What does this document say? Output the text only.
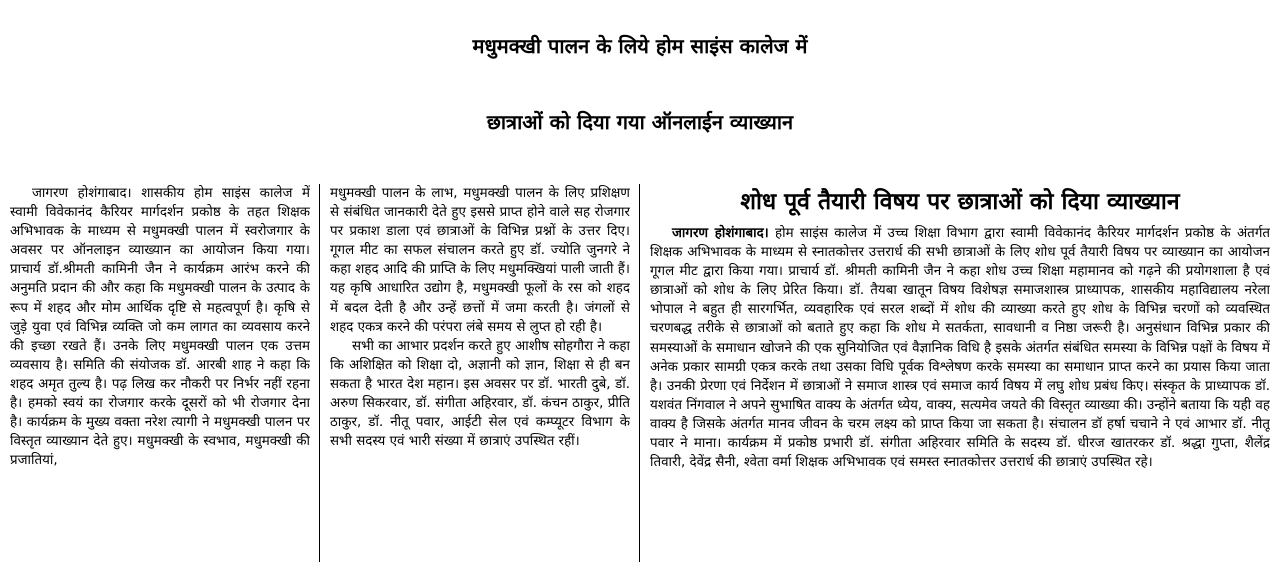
मधुमक्खी पालन के लिये होम साइंस कालेज में
छात्राओं को दिया गया ऑनलाईन व्याख्यान

जागरण होशंगाबाद। शासकीय होम साइंस कालेज में स्वामी विवेकानंद कैरियर मार्गदर्शन प्रकोष्ठ के तहत शिक्षक अभिभावक के माध्यम से मधुमक्खी पालन में स्वरोजगार के अवसर पर ऑनलाइन व्याख्यान का आयोजन किया गया। प्राचार्य डॉ.श्रीमती कामिनी जैन ने कार्यक्रम आरंभ करने की अनुमति प्रदान की और कहा कि मधुमक्खी पालन के उत्पाद के रूप में शहद और मोम आर्थिक दृष्टि से महत्वपूर्ण है। कृषि से जुड़े युवा एवं विभिन्न व्यक्ति जो कम लागत का व्यवसाय करने की इच्छा रखते हैं। उनके लिए मधुमक्खी पालन एक उत्तम व्यवसाय है। समिति की संयोजक डॉ. आरबी शाह ने कहा कि शहद अमृत तुल्य है। पढ़ लिख कर नौकरी पर निर्भर नहीं रहना है। हमको स्वयं का रोजगार करके दूसरों को भी रोजगार देना है। कार्यक्रम के मुख्य वक्ता नरेश त्यागी ने मधुमक्खी पालन पर विस्तृत व्याख्यान देते हुए। मधुमक्खी के स्वभाव, मधुमक्खी की प्रजातियां,

मधुमक्खी पालन के लाभ, मधुमक्खी पालन के लिए प्रशिक्षण से संबंधित जानकारी देते हुए इससे प्राप्त होने वाले सह रोजगार पर प्रकाश डाला एवं छात्राओं के विभिन्न प्रश्नों के उत्तर दिए। गूगल मीट का सफल संचालन करते हुए डॉ. ज्योति जुनगरे ने कहा शहद आदि की प्राप्ति के लिए मधुमक्खियां पाली जाती हैं। यह कृषि आधारित उद्योग है, मधुमक्खी फूलों के रस को शहद में बदल देती है और उन्हें छत्तों में जमा करती है। जंगलों से शहद एकत्र करने की परंपरा लंबे समय से लुप्त हो रही है।

सभी का आभार प्रदर्शन करते हुए आशीष सोहगौरा ने कहा कि अशिक्षित को शिक्षा दो, अज्ञानी को ज्ञान, शिक्षा से ही बन सकता है भारत देश महान। इस अवसर पर डॉ. भारती दुबे, डॉ. अरुण सिकरवार, डॉ. संगीता अहिरवार, डॉ. कंचन ठाकुर, प्रीति ठाकुर, डॉ. नीतू पवार, आईटी सेल एवं कम्प्यूटर विभाग के सभी सदस्य एवं भारी संख्या में छात्राएं उपस्थित रहीं।

शोध पूर्व तैयारी विषय पर छात्राओं को दिया व्याख्यान

जागरण होशंगाबाद। होम साइंस कालेज में उच्च शिक्षा विभाग द्वारा स्वामी विवेकानंद कैरियर मार्गदर्शन प्रकोष्ठ के अंतर्गत शिक्षक अभिभावक के माध्यम से स्नातकोत्तर उत्तरार्ध की सभी छात्राओं के लिए शोध पूर्व तैयारी विषय पर व्याख्यान का आयोजन गूगल मीट द्वारा किया गया। प्राचार्य डॉ. श्रीमती कामिनी जैन ने कहा शोध उच्च शिक्षा महामानव को गढ़ने की प्रयोगशाला है एवं छात्राओं को शोध के लिए प्रेरित किया। डॉ. तैयबा खातून विषय विशेषज्ञ समाजशास्त्र प्राध्यापक, शासकीय महाविद्यालय नरेला भोपाल ने बहुत ही सारगर्भित, व्यवहारिक एवं सरल शब्दों में शोध की व्याख्या करते हुए शोध के विभिन्न चरणों को व्यवस्थित चरणबद्ध तरीके से छात्राओं को बताते हुए कहा कि शोध मे सतर्कता, सावधानी व निष्ठा जरूरी है। अनुसंधान विभिन्न प्रकार की समस्याओं के समाधान खोजने की एक सुनियोजित एवं वैज्ञानिक विधि है इसके अंतर्गत संबंधित समस्या के विभिन्न पक्षों के विषय में अनेक प्रकार सामग्री एकत्र करके तथा उसका विधि पूर्वक विश्लेषण करके समस्या का समाधान प्राप्त करने का प्रयास किया जाता है। उनकी प्रेरणा एवं निर्देशन में छात्राओं ने समाज शास्त्र एवं समाज कार्य विषय में लघु शोध प्रबंध किए। संस्कृत के प्राध्यापक डॉ. यशवंत निंगवाल ने अपने सुभाषित वाक्य के अंतर्गत ध्येय, वाक्य, सत्यमेव जयते की विस्तृत व्याख्या की। उन्होंने बताया कि यही वह वाक्य है जिसके अंतर्गत मानव जीवन के चरम लक्ष्य को प्राप्त किया जा सकता है। संचालन डॉ हर्षा चचाने ने एवं आभार डॉ. नीतू पवार ने माना। कार्यक्रम में प्रकोष्ठ प्रभारी डॉ. संगीता अहिरवार समिति के सदस्य डॉ. धीरज खातरकर डॉ. श्रद्धा गुप्ता, शैलेंद्र तिवारी, देवेंद्र सैनी, श्वेता वर्मा शिक्षक अभिभावक एवं समस्त स्नातकोत्तर उत्तरार्ध की छात्राएं उपस्थित रहे।
